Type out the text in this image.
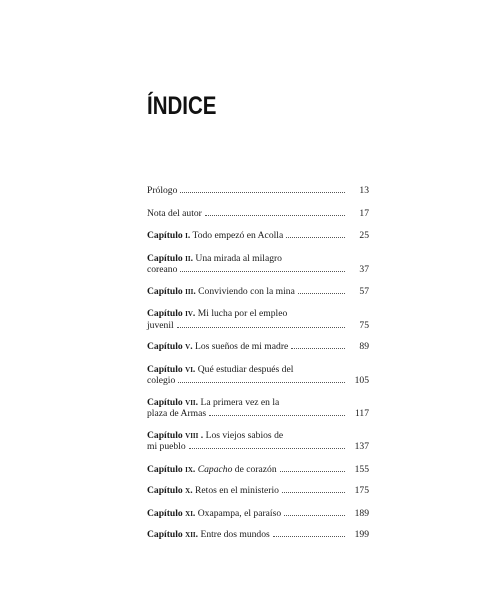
ÍNDICE
Prólogo	13
Nota del autor	17
Capítulo i. Todo empezó en Acolla	25
Capítulo ii. Una mirada al milagro
coreano	37
Capítulo iii. Conviviendo con la mina	57
Capítulo iv. Mi lucha por el empleo
juvenil	75
Capítulo v. Los sueños de mi madre	89
Capítulo vi. Qué estudiar después del
colegio	105
Capítulo vii. La primera vez en la
plaza de Armas	117
Capítulo viii . Los viejos sabios de
mi pueblo	137
Capítulo ix. Capacho de corazón	155
Capítulo x. Retos en el ministerio	175
Capítulo xi. Oxapampa, el paraíso	189
Capítulo xii. Entre dos mundos	199
